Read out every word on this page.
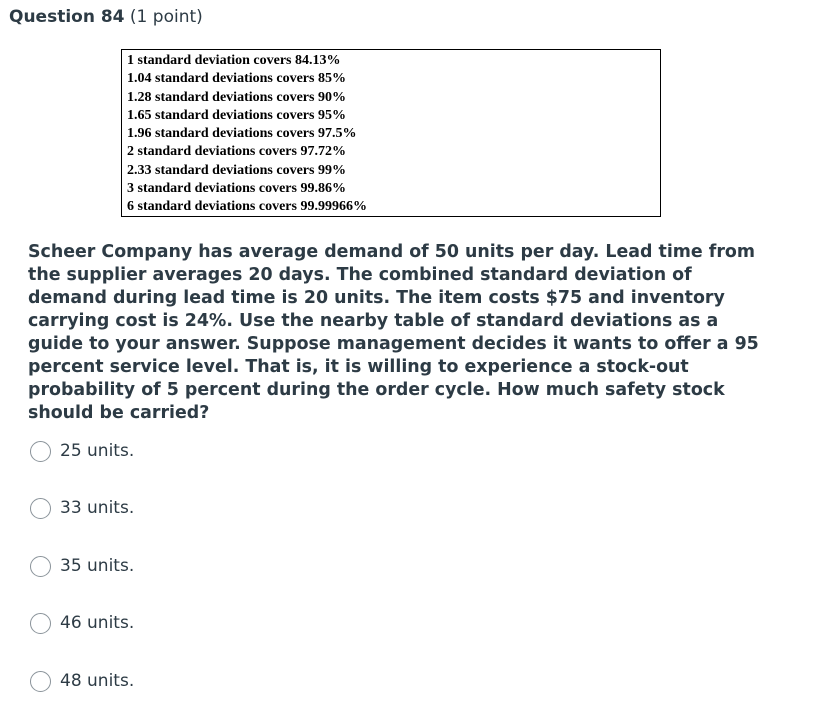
Question 84 (1 point)
1 standard deviation covers 84.13%
1.04 standard deviations covers 85%
1.28 standard deviations covers 90%
1.65 standard deviations covers 95%
1.96 standard deviations covers 97.5%
2 standard deviations covers 97.72%
2.33 standard deviations covers 99%
3 standard deviations covers 99.86%
6 standard deviations covers 99.99966%

Scheer Company has average demand of 50 units per day. Lead time from the supplier averages 20 days. The combined standard deviation of demand during lead time is 20 units. The item costs $75 and inventory carrying cost is 24%. Use the nearby table of standard deviations as a guide to your answer. Suppose management decides it wants to offer a 95 percent service level. That is, it is willing to experience a stock-out probability of 5 percent during the order cycle. How much safety stock should be carried?

25 units.
33 units.
35 units.
46 units.
48 units.
